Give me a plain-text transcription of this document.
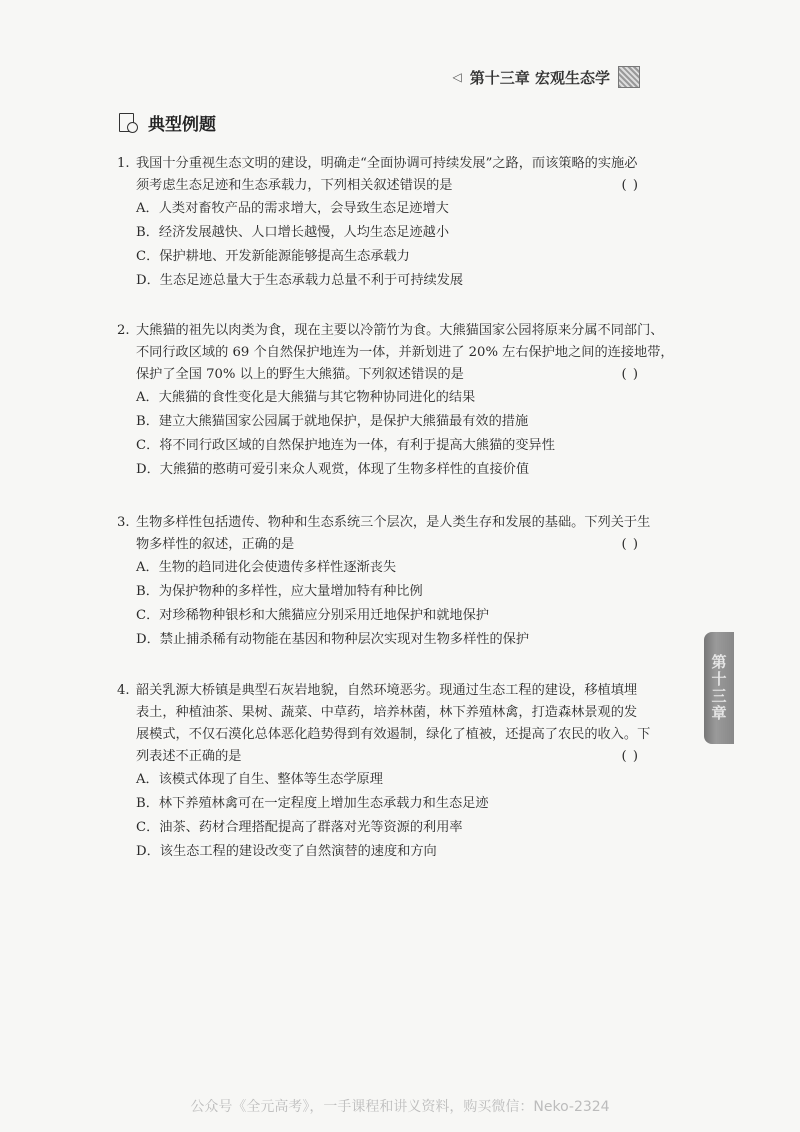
◁ 第十三章 宏观生态学
典型例题
1. 我国十分重视生态文明的建设，明确走“全面协调可持续发展”之路，而该策略的实施必
须考虑生态足迹和生态承载力，下列相关叙述错误的是	( )
A．人类对畜牧产品的需求增大，会导致生态足迹增大
B．经济发展越快、人口增长越慢，人均生态足迹越小
C．保护耕地、开发新能源能够提高生态承载力
D．生态足迹总量大于生态承载力总量不利于可持续发展
2. 大熊猫的祖先以肉类为食，现在主要以冷箭竹为食。大熊猫国家公园将原来分属不同部门、
不同行政区域的 69 个自然保护地连为一体，并新划进了 20% 左右保护地之间的连接地带，
保护了全国 70% 以上的野生大熊猫。下列叙述错误的是	( )
A．大熊猫的食性变化是大熊猫与其它物种协同进化的结果
B．建立大熊猫国家公园属于就地保护，是保护大熊猫最有效的措施
C．将不同行政区域的自然保护地连为一体，有利于提高大熊猫的变异性
D．大熊猫的憨萌可爱引来众人观赏，体现了生物多样性的直接价值
3. 生物多样性包括遗传、物种和生态系统三个层次，是人类生存和发展的基础。下列关于生
物多样性的叙述，正确的是	( )
A．生物的趋同进化会使遗传多样性逐渐丧失
B．为保护物种的多样性，应大量增加特有种比例
C．对珍稀物种银杉和大熊猫应分别采用迁地保护和就地保护
D．禁止捕杀稀有动物能在基因和物种层次实现对生物多样性的保护
4. 韶关乳源大桥镇是典型石灰岩地貌，自然环境恶劣。现通过生态工程的建设，移植填埋
表土，种植油茶、果树、蔬菜、中草药，培养林菌，林下养殖林禽，打造森林景观的发
展模式，不仅石漠化总体恶化趋势得到有效遏制，绿化了植被，还提高了农民的收入。下
列表述不正确的是	( )
A．该模式体现了自生、整体等生态学原理
B．林下养殖林禽可在一定程度上增加生态承载力和生态足迹
C．油茶、药材合理搭配提高了群落对光等资源的利用率
D．该生态工程的建设改变了自然演替的速度和方向
第十三章
公众号《全元高考》，一手课程和讲义资料，购买微信：Neko-2324
